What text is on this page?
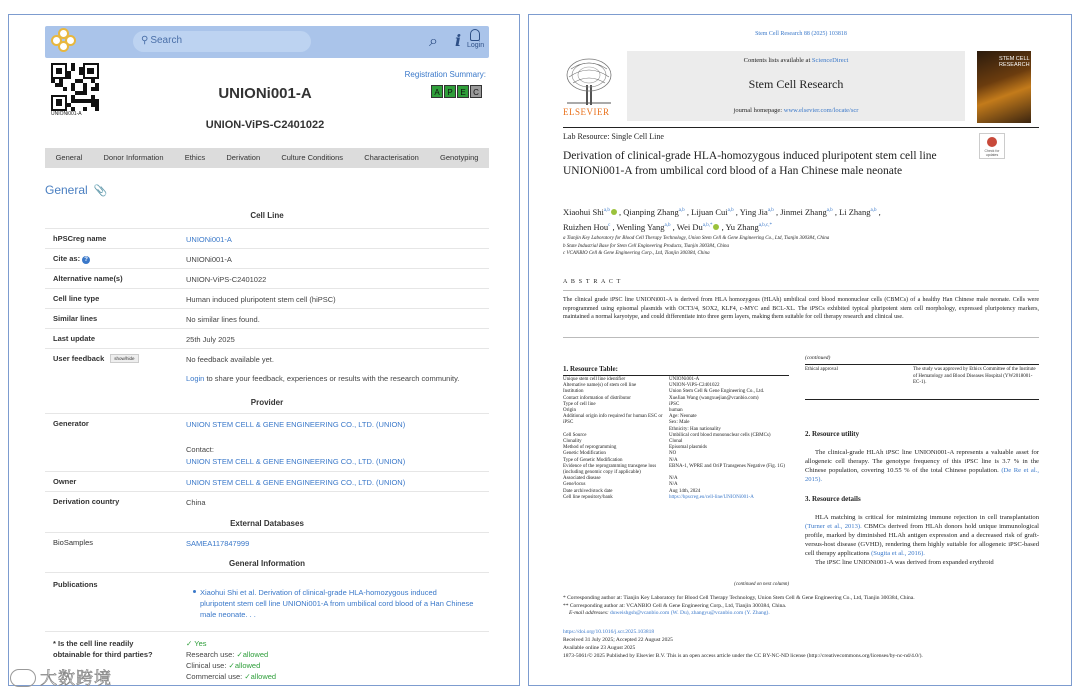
⚲ Search	⌕ i Login
UNIONi001-A
Registration Summary:
A P E C
UNIONi001-A
UNION-ViPS-C2401022
General	Donor Information	Ethics	Derivation	Culture Conditions	Characterisation	Genotyping
General 📎
Cell Line
hPSCreg name	UNIONi001-A
Cite as: ?	UNIONi001-A
Alternative name(s)	UNION-ViPS-C2401022
Cell line type	Human induced pluripotent stem cell (hiPSC)
Similar lines	No similar lines found.
Last update	25th July 2025
User feedback show/hide	No feedback available yet.
Login to share your feedback, experiences or results with the research community.
Provider
Generator	UNION STEM CELL & GENE ENGINEERING CO., LTD. (UNION)
Contact:
UNION STEM CELL & GENE ENGINEERING CO., LTD. (UNION)
Owner	UNION STEM CELL & GENE ENGINEERING CO., LTD. (UNION)
Derivation country	China
External Databases
BioSamples	SAMEA117847999
General Information
Publications
Xiaohui Shi et al. Derivation of clinical-grade HLA-homozygous induced
pluripotent stem cell line UNIONi001-A from umbilical cord blood of a Han Chinese
male neonate. . .
* Is the cell line readily
obtainable for third parties?
✓ Yes
Research use: ✓allowed
Clinical use: ✓allowed
Commercial use: ✓allowed
大数跨境
Stem Cell Research 88 (2025) 103818
ELSEVIER
Contents lists available at ScienceDirect
Stem Cell Research
journal homepage: www.elsevier.com/locate/scr
STEM CELL
RESEARCH
Lab Resource: Single Cell Line
Check for updates
Derivation of clinical-grade HLA-homozygous induced pluripotent stem cell line UNIONi001-A from umbilical cord blood of a Han Chinese male neonate
Xiaohui Shi$^{a,b}$ , Qianping Zhang$^{a,b}$ , Lijuan Cui$^{a,b}$ , Ying Jia$^{a,b}$ , Jinmei Zhang$^{a,b}$ , Li Zhang$^{a,b}$ ,
Ruizhen Hou$^c$ , Wenling Yang$^{a,b}$ , Wei $Du^{a,b,*}$ , Yu Zhang$^{a,b,c,*}$
a Tianjin Key Laboratory for Blood Cell Therapy Technology, Union Stem Cell & Gene Engineering Co., Ltd, Tianjin 300384, China
b State Industrial Base for Stem Cell Engineering Products, Tianjin 300384, China
c VCANBIO Cell & Gene Engineering Corp., Ltd, Tianjin 300384, China
A B S T R A C T
The clinical grade iPSC line UNIONi001-A is derived from HLA homozygous (HLAh) umbilical cord blood mononuclear cells (CBMCs) of a healthy Han Chinese male neonate. Cells were reprogrammed using episomal plasmids with OCT3/4, SOX2, KLF4, c-MYC and BCL-XL. The iPSCs exhibited typical pluripotent stem cell morphology, expressed pluripotency markers, maintained a normal karyotype, and could differentiate into three germ layers, making them suitable for cell therapy research and clinical use.
1. Resource Table:
Unique stem cell line identifier	UNIONi001-A
Alternative name(s) of stem cell line	UNION-ViPS-C2401022
Institution	Union Stem Cell & Gene Engineering Co., Ltd.
Contact information of distributor	XueJian Wang (wangxuejian@vcanbio.com)
Type of cell line	iPSC
Origin	human
Additional origin info required for human ESC or iPSC
Age: Neonate
Sex: Male
Ethnicity: Han nationality
Cell Source	Umbilical cord blood mononuclear cells (CBMCs)
Clonality	Clonal
Method of reprogramming	Episomal plasmids
Genetic Modification	NO
Type of Genetic Modification	N/A
Evidence of the reprogramming transgene loss (including genomic copy if applicable)
EBNA-1, WPRE and OriP Transgenes Negative (Fig. 1G)
Associated disease	N/A
Gene/locus	N/A
Date archived/stock date	Aug 14th, 2024
Cell line repository/bank	https://hpscreg.eu/cell-line/UNIONi001-A
(continued on next column)
(continued)
Ethical approval	The study was approved by Ethics Committee of the Institute of Hematology and Blood Diseases Hospital (YW2018001-EC-1).
2. Resource utility
The clinical-grade HLAh iPSC line UNIONi001-A represents a valuable asset for allogeneic cell therapy. The genotype frequency of this iPSC line is 3.7 % in the Chinese population, covering 10.55 % of the total Chinese population. (De Re et al., 2015).
3. Resource details
HLA matching is critical for minimizing immune rejection in cell transplantation (Turner et al., 2013). CBMCs derived from HLAh donors hold unique immunological profile, marked by diminished HLAh antigen expression and a decreased risk of graft-versus-host disease (GVHD), rendering them highly suitable for allogeneic iPSC-based cell therapy applications (Sugita et al., 2016).
The iPSC line UNIONi001-A was derived from expanded erythroid
* Corresponding author at: Tianjin Key Laboratory for Blood Cell Therapy Technology, Union Stem Cell & Gene Engineering Co., Ltd, Tianjin 300384, China.
** Corresponding author at: VCANBIO Cell & Gene Engineering Corp., Ltd, Tianjin 300384, China.
E-mail addresses: duweishgsh@vcanbio.com (W. Du), zhangyu@vcanbio.com (Y. Zhang).
https://doi.org/10.1016/j.scr.2025.103818
Received 31 July 2025; Accepted 22 August 2025
Available online 23 August 2025
1873-5061/© 2025 Published by Elsevier B.V. This is an open access article under the CC BY-NC-ND license (http://creativecommons.org/licenses/by-nc-nd/4.0/).
